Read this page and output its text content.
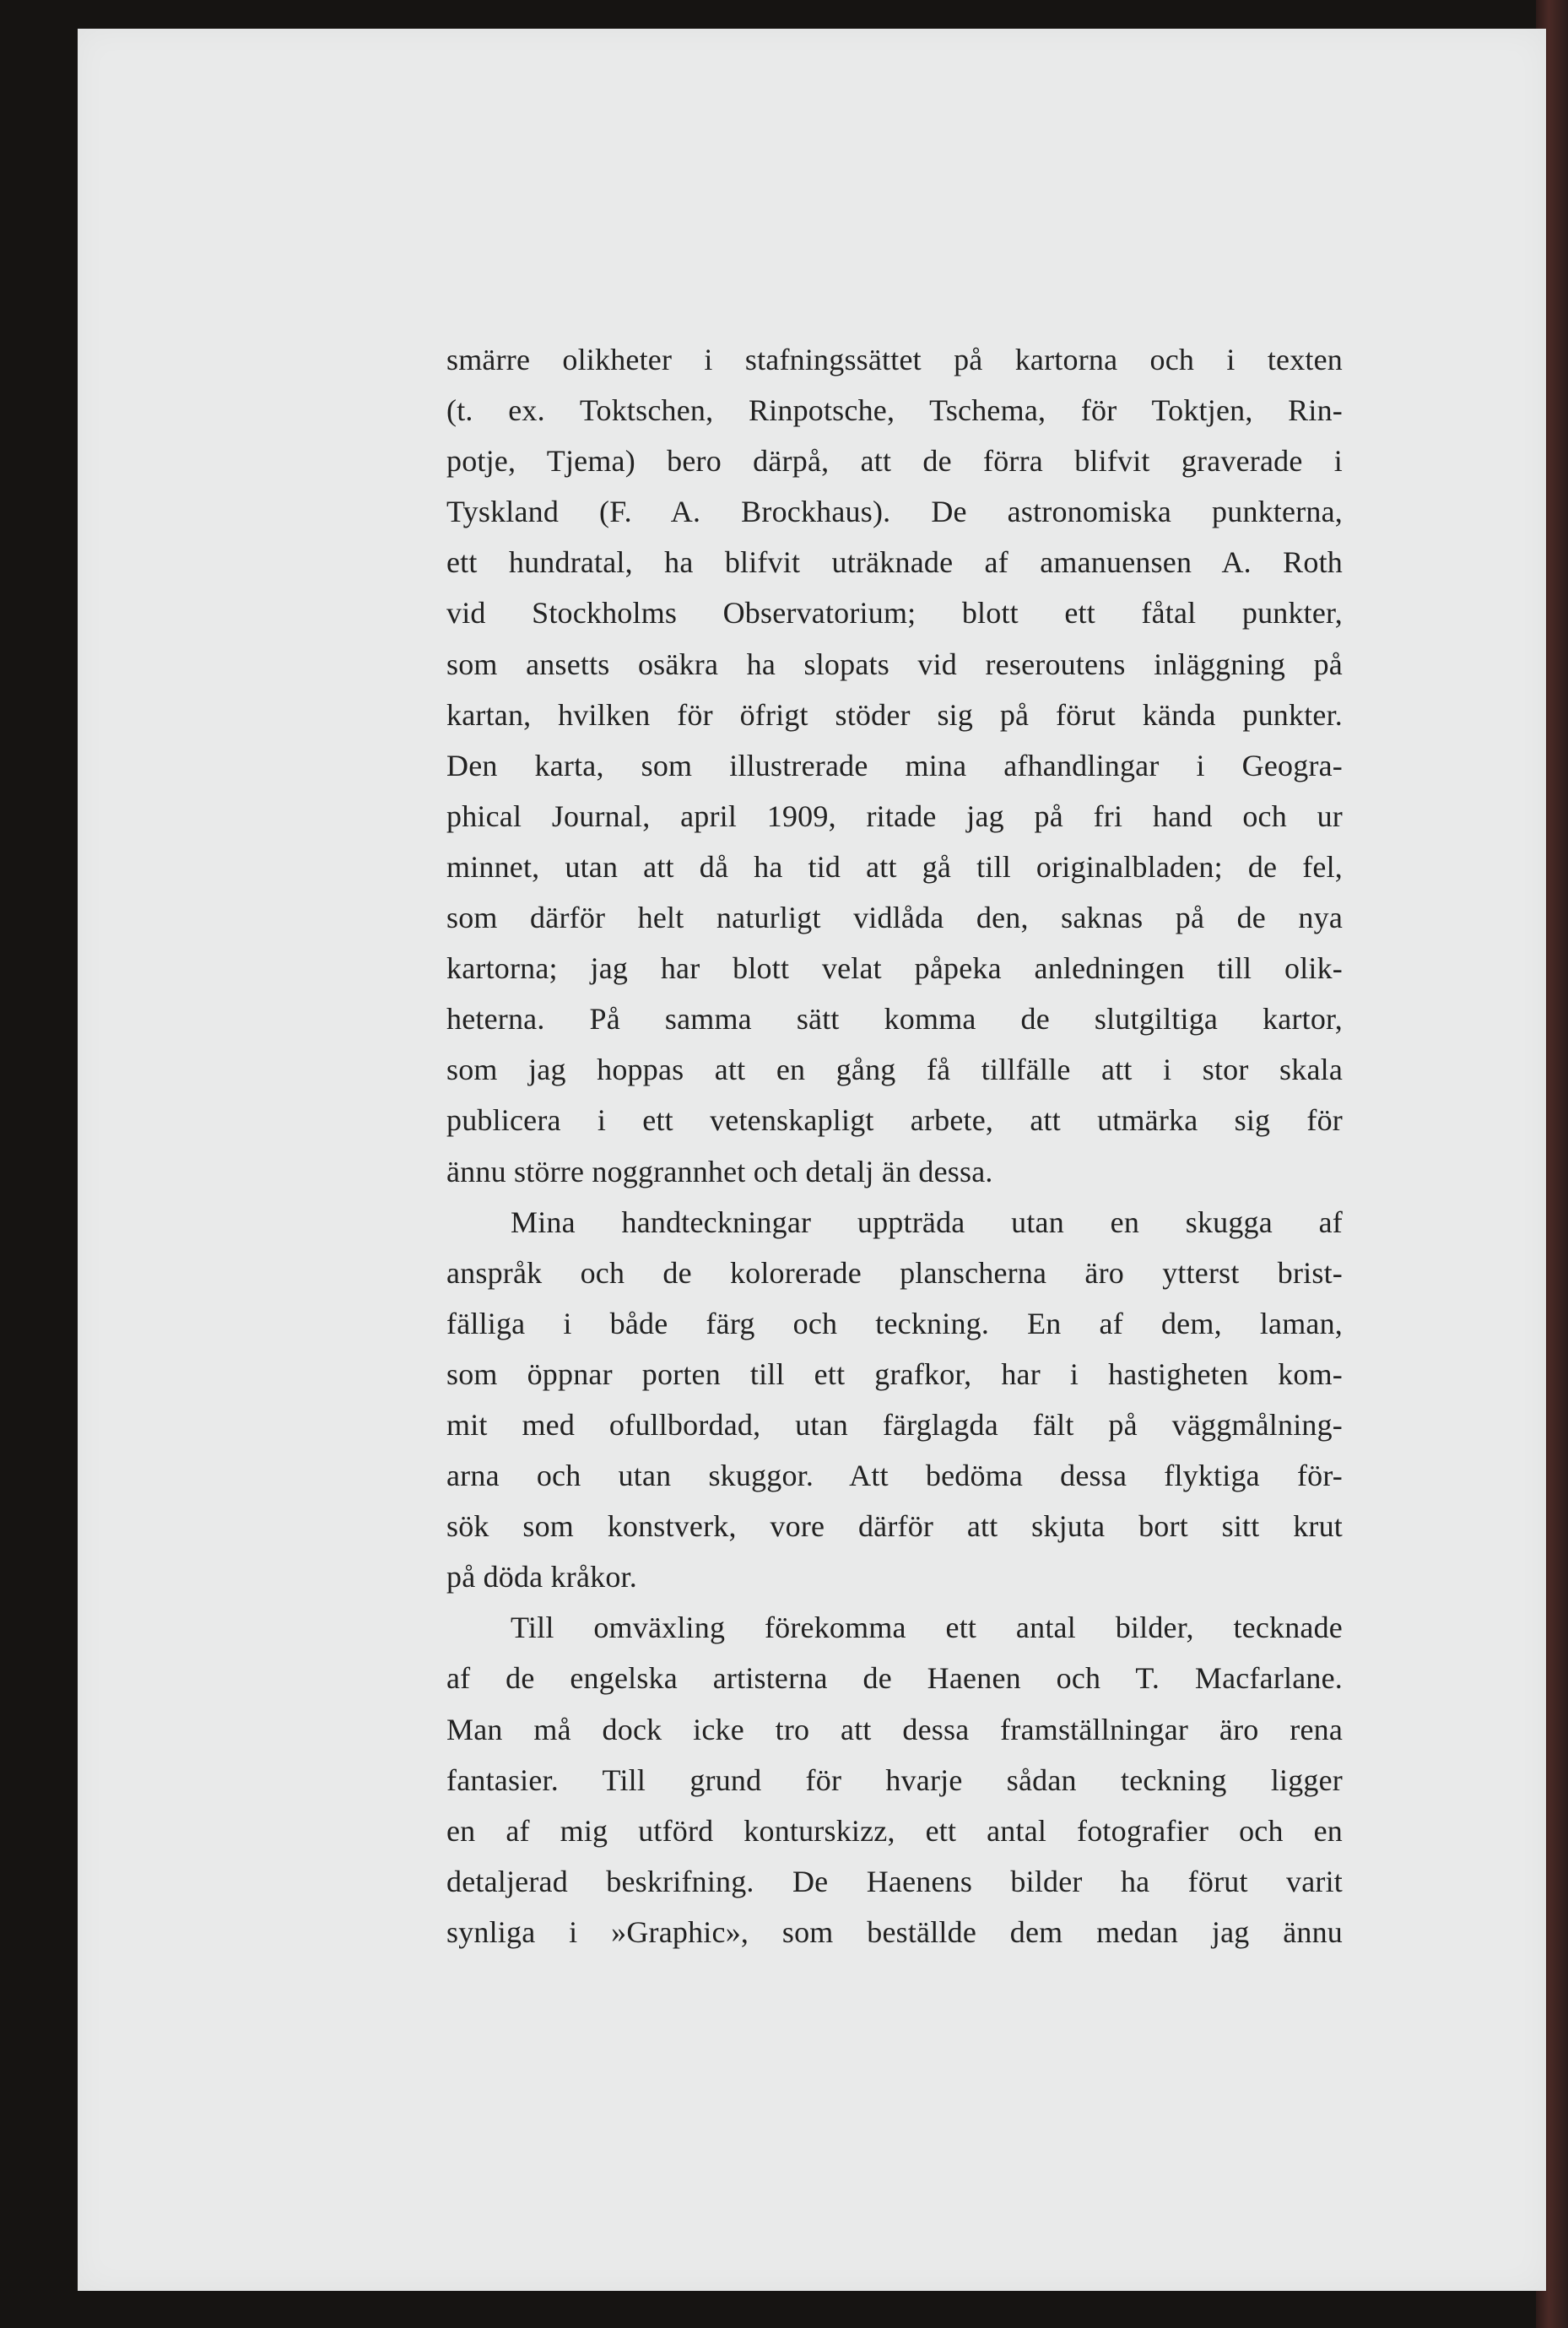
smärre olikheter i stafningssättet på kartorna och i texten
(t. ex. Toktschen, Rinpotsche, Tschema, för Toktjen, Rin-
potje, Tjema) bero därpå, att de förra blifvit graverade i
Tyskland (F. A. Brockhaus). De astronomiska punkterna,
ett hundratal, ha blifvit uträknade af amanuensen A. Roth
vid Stockholms Observatorium; blott ett fåtal punkter,
som ansetts osäkra ha slopats vid reseroutens inläggning på
kartan, hvilken för öfrigt stöder sig på förut kända punkter.
Den karta, som illustrerade mina afhandlingar i Geogra-
phical Journal, april 1909, ritade jag på fri hand och ur
minnet, utan att då ha tid att gå till originalbladen; de fel,
som därför helt naturligt vidlåda den, saknas på de nya
kartorna; jag har blott velat påpeka anledningen till olik-
heterna. På samma sätt komma de slutgiltiga kartor,
som jag hoppas att en gång få tillfälle att i stor skala
publicera i ett vetenskapligt arbete, att utmärka sig för
ännu större noggrannhet och detalj än dessa.

Mina handteckningar uppträda utan en skugga af
anspråk och de kolorerade planscherna äro ytterst brist-
fälliga i både färg och teckning. En af dem, laman,
som öppnar porten till ett grafkor, har i hastigheten kom-
mit med ofullbordad, utan färglagda fält på väggmålning-
arna och utan skuggor. Att bedöma dessa flyktiga för-
sök som konstverk, vore därför att skjuta bort sitt krut
på döda kråkor.

Till omväxling förekomma ett antal bilder, tecknade
af de engelska artisterna de Haenen och T. Macfarlane.
Man må dock icke tro att dessa framställningar äro rena
fantasier. Till grund för hvarje sådan teckning ligger
en af mig utförd konturskizz, ett antal fotografier och en
detaljerad beskrifning. De Haenens bilder ha förut varit
synliga i »Graphic», som beställde dem medan jag ännu
